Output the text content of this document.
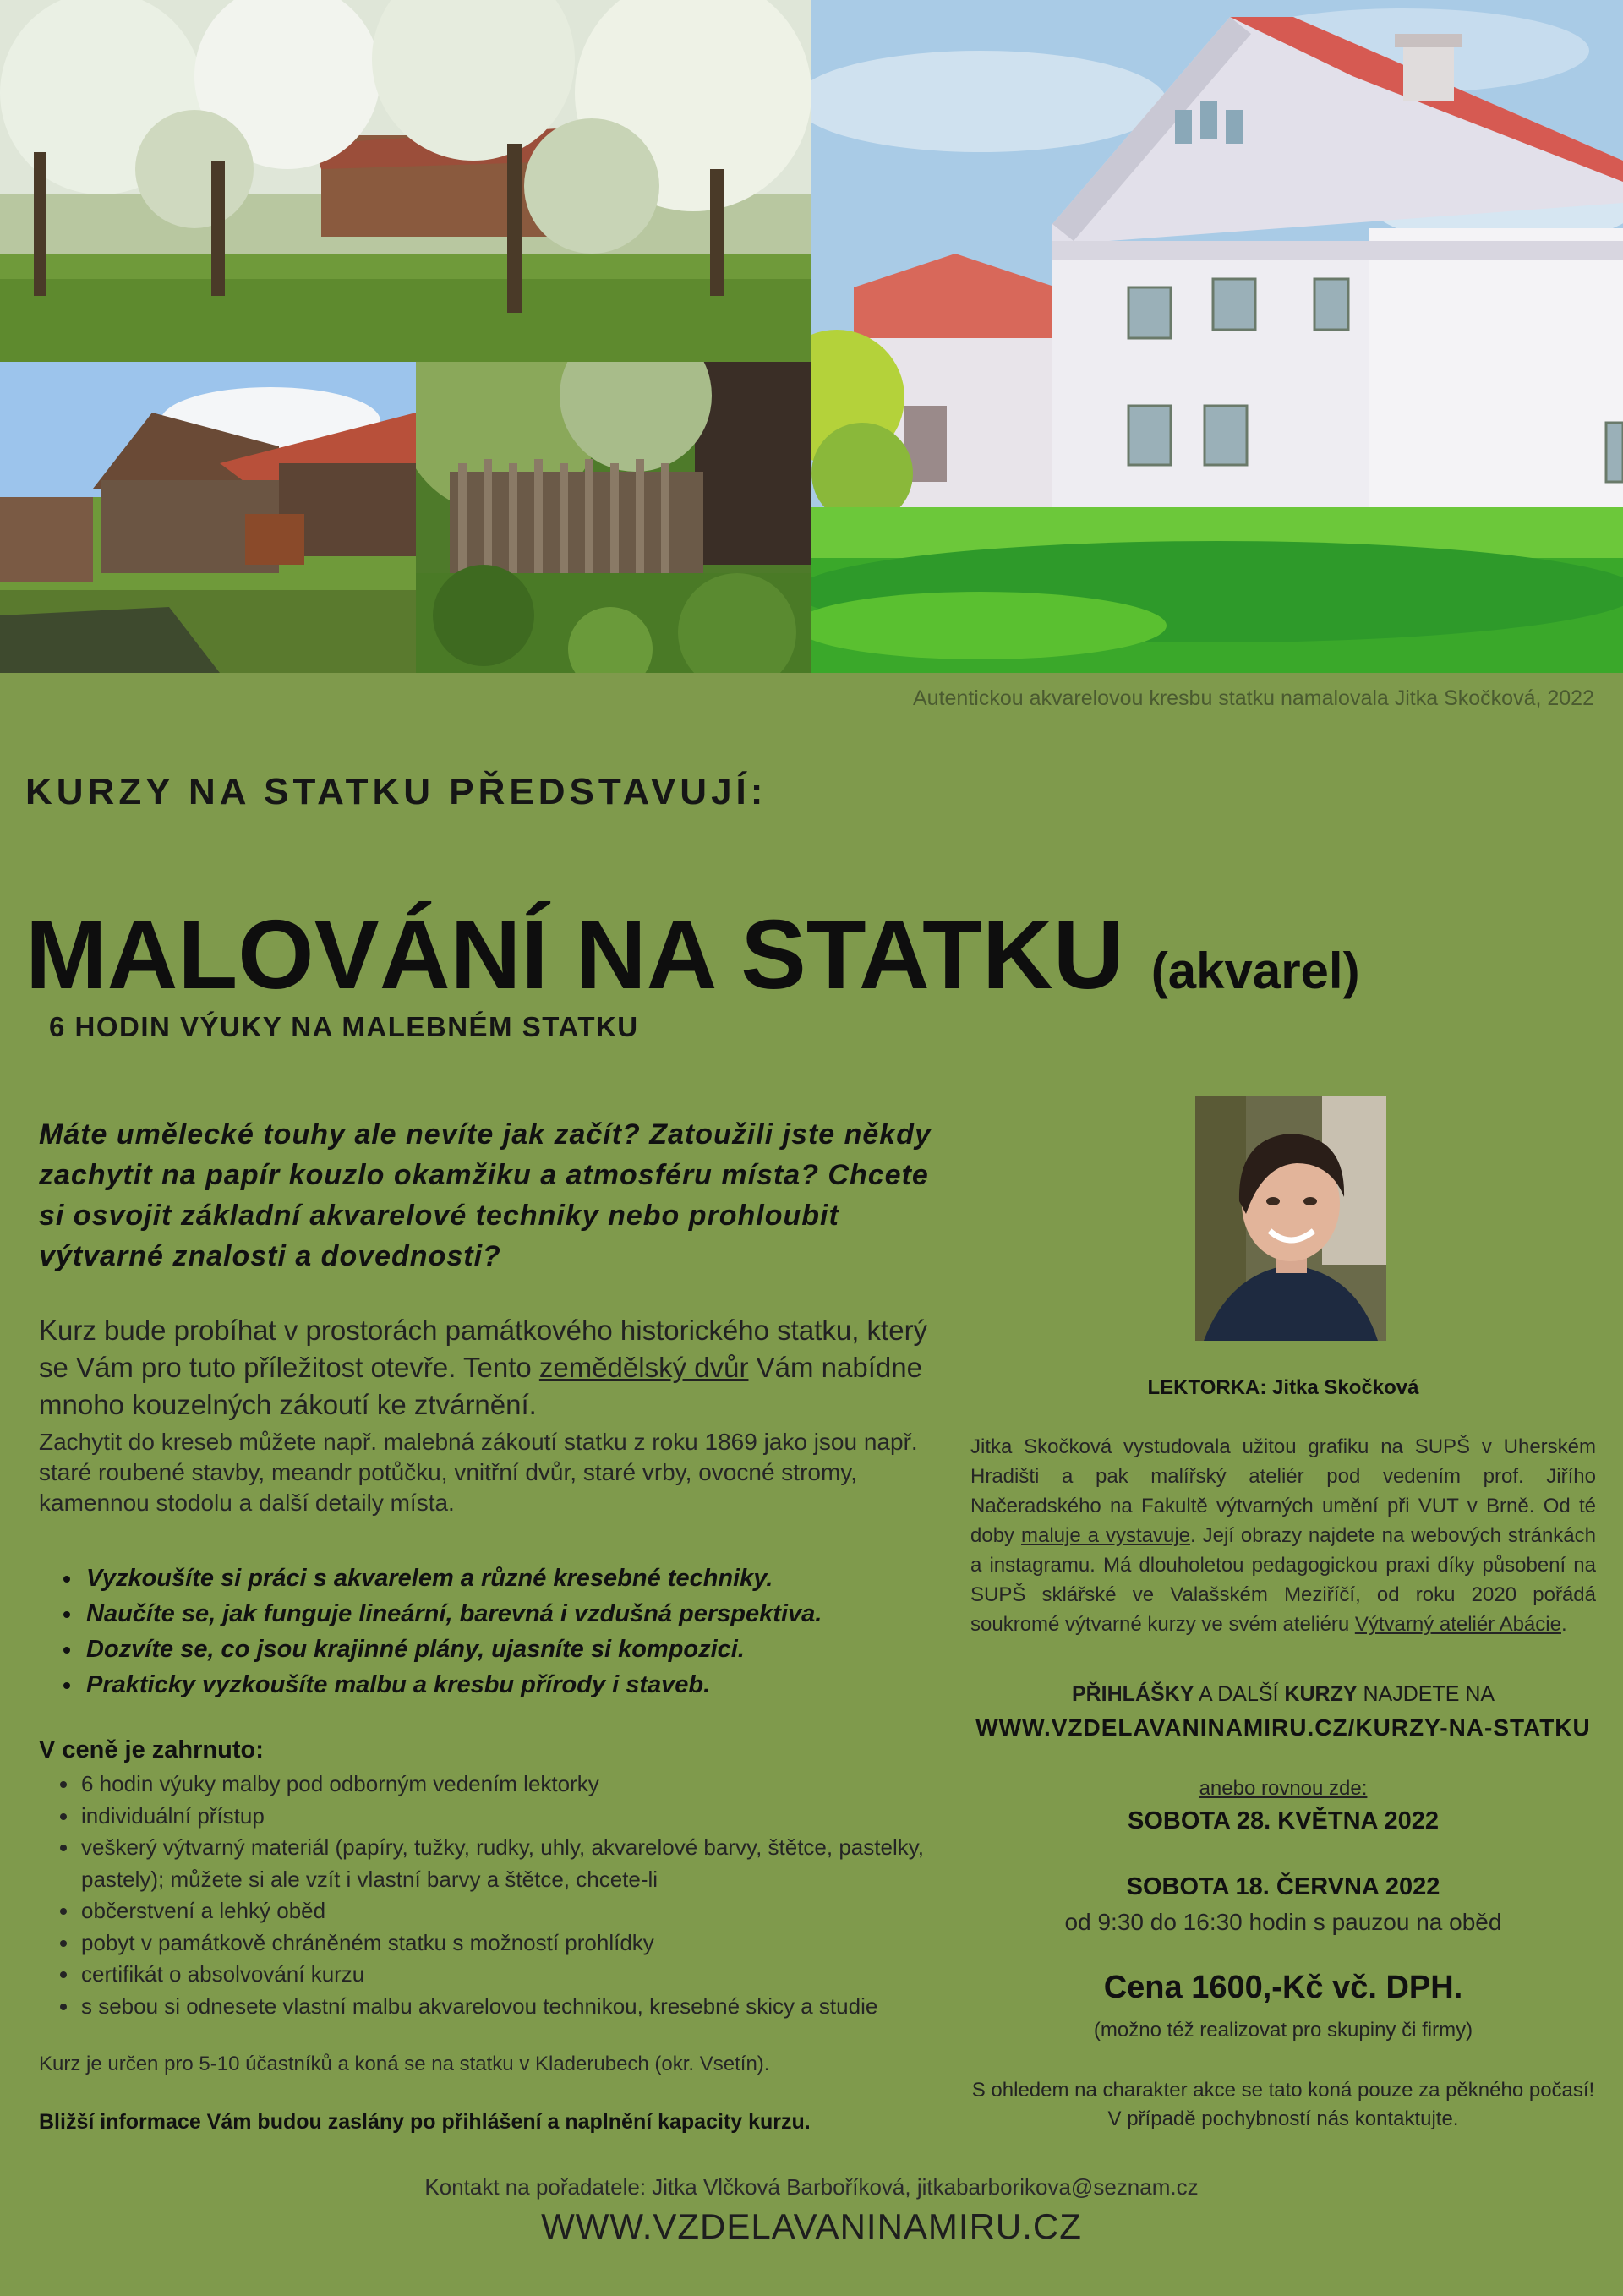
Autentickou akvarelovou kresbu statku namalovala Jitka Skočková, 2022
KURZY NA STATKU PŘEDSTAVUJÍ:
MALOVÁNÍ NA STATKU (akvarel)
6 HODIN VÝUKY NA MALEBNÉM STATKU
Máte umělecké touhy ale nevíte jak začít? Zatoužili jste někdy zachytit na papír kouzlo okamžiku a atmosféru místa? Chcete si osvojit základní akvarelové techniky nebo prohloubit výtvarné znalosti a dovednosti?
Kurz bude probíhat v prostorách památkového historického statku, který se Vám pro tuto příležitost otevře. Tento zemědělský dvůr Vám nabídne mnoho kouzelných zákoutí ke ztvárnění.
Zachytit do kreseb můžete např. malebná zákoutí statku z roku 1869 jako jsou např. staré roubené stavby, meandr potůčku, vnitřní dvůr, staré vrby, ovocné stromy, kamennou stodolu a další detaily místa.
• Vyzkoušíte si práci s akvarelem a různé kresebné techniky.
• Naučíte se, jak funguje lineární, barevná i vzdušná perspektiva.
• Dozvíte se, co jsou krajinné plány, ujasníte si kompozici.
• Prakticky vyzkoušíte malbu a kresbu přírody i staveb.
V ceně je zahrnuto:
• 6 hodin výuky malby pod odborným vedením lektorky
• individuální přístup
• veškerý výtvarný materiál (papíry, tužky, rudky, uhly, akvarelové barvy, štětce, pastelky, pastely); můžete si ale vzít i vlastní barvy a štětce, chcete-li
• občerstvení a lehký oběd
• pobyt v památkově chráněném statku s možností prohlídky
• certifikát o absolvování kurzu
• s sebou si odnesete vlastní malbu akvarelovou technikou, kresebné skicy a studie
Kurz je určen pro 5-10 účastníků a koná se na statku v Kladerubech (okr. Vsetín).
Bližší informace Vám budou zaslány po přihlášení a naplnění kapacity kurzu.
LEKTORKA: Jitka Skočková
Jitka Skočková vystudovala užitou grafiku na SUPŠ v Uherském Hradišti a pak malířský ateliér pod vedením prof. Jiřího Načeradského na Fakultě výtvarných umění při VUT v Brně. Od té doby maluje a vystavuje. Její obrazy najdete na webových stránkách a instagramu. Má dlouholetou pedagogickou praxi díky působení na SUPŠ sklářské ve Valašském Meziříčí, od roku 2020 pořádá soukromé výtvarné kurzy ve svém ateliéru Výtvarný ateliér Abácie.
PŘIHLÁŠKY A DALŠÍ KURZY NAJDETE NA
WWW.VZDELAVANINAMIRU.CZ/KURZY-NA-STATKU
anebo rovnou zde:
SOBOTA 28. KVĚTNA 2022
SOBOTA 18. ČERVNA 2022
od 9:30 do 16:30 hodin s pauzou na oběd
Cena 1600,-Kč vč. DPH.
(možno též realizovat pro skupiny či firmy)
S ohledem na charakter akce se tato koná pouze za pěkného počasí! V případě pochybností nás kontaktujte.
Kontakt na pořadatele: Jitka Vlčková Barboříková, jitkabarborikova@seznam.cz
WWW.VZDELAVANINAMIRU.CZ
